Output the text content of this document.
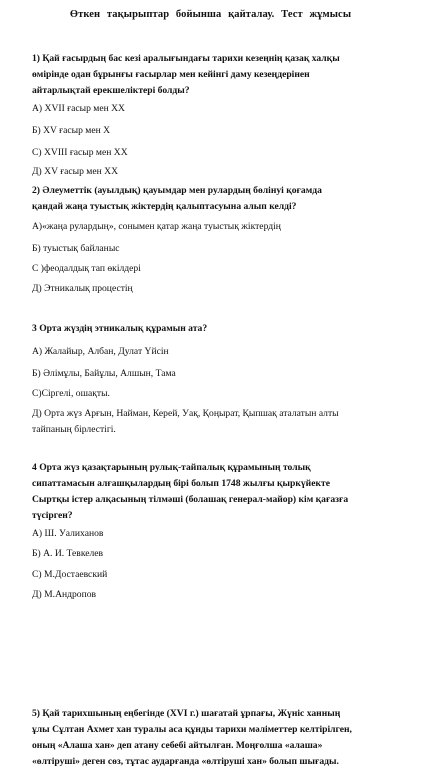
Өткен тақырыптар бойынша қайталау. Тест жұмысы
1) Қай ғасырдың бас кезі аралығындағы тарихи кезеңнің қазақ халқы
өмірінде одан бұрынғы ғасырлар мен кейінгі даму кезеңдерінен
айтарлықтай ерекшеліктері болды?
А) XVII ғасыр мен XX
Б) XV ғасыр мен X
С) XVIII ғасыр мен XX
Д) XV ғасыр мен XX
2) Әлеуметтік (ауылдық) қауымдар мен рулардың бөлінуі қоғамда
қандай жаңа туыстық жіктердің қалыптасуына алып келді?
А)«жаңа рулардың», сонымен қатар жаңа туыстық жіктердің
Б) туыстық байланыс
С )феодалдық тап өкілдері
Д) Этникалық процестің
3 Орта жүздің этникалық құрамын ата?
А) Жалайыр, Албан, Дулат Үйсін
Б) Әлімұлы, Байұлы, Алшын, Тама
С)Сіргелі, ошақты.
Д) Орта жүз Арғын, Найман, Керей, Уақ, Қоңырат, Қыпшақ аталатын алты
тайпаның бірлестігі.
4 Орта жүз қазақтарының рулық-тайпалық құрамының толық
сипаттамасын алғашқылардың бірі болып 1748 жылғы қыркүйекте
Сыртқы істер алқасының тілмәші (болашақ генерал-майор) кім қағазға
түсірген?
А) Ш. Уалиханов
Б) А. И. Тевкелев
С) М.Достаевский
Д) М.Андропов
5) Қай тарихшының еңбегінде (XVI г.) шағатай ұрпағы, Жүніс ханның
ұлы Сұлтан Ахмет хан туралы аса құнды тарихи мәліметтер келтірілген,
оның «Алаша хан» деп атану себебі айтылған. Моңғолша «алаша»
«өлтіруші» деген сөз, тұтас аударғанда «өлтіруші хан» болып шығады.
